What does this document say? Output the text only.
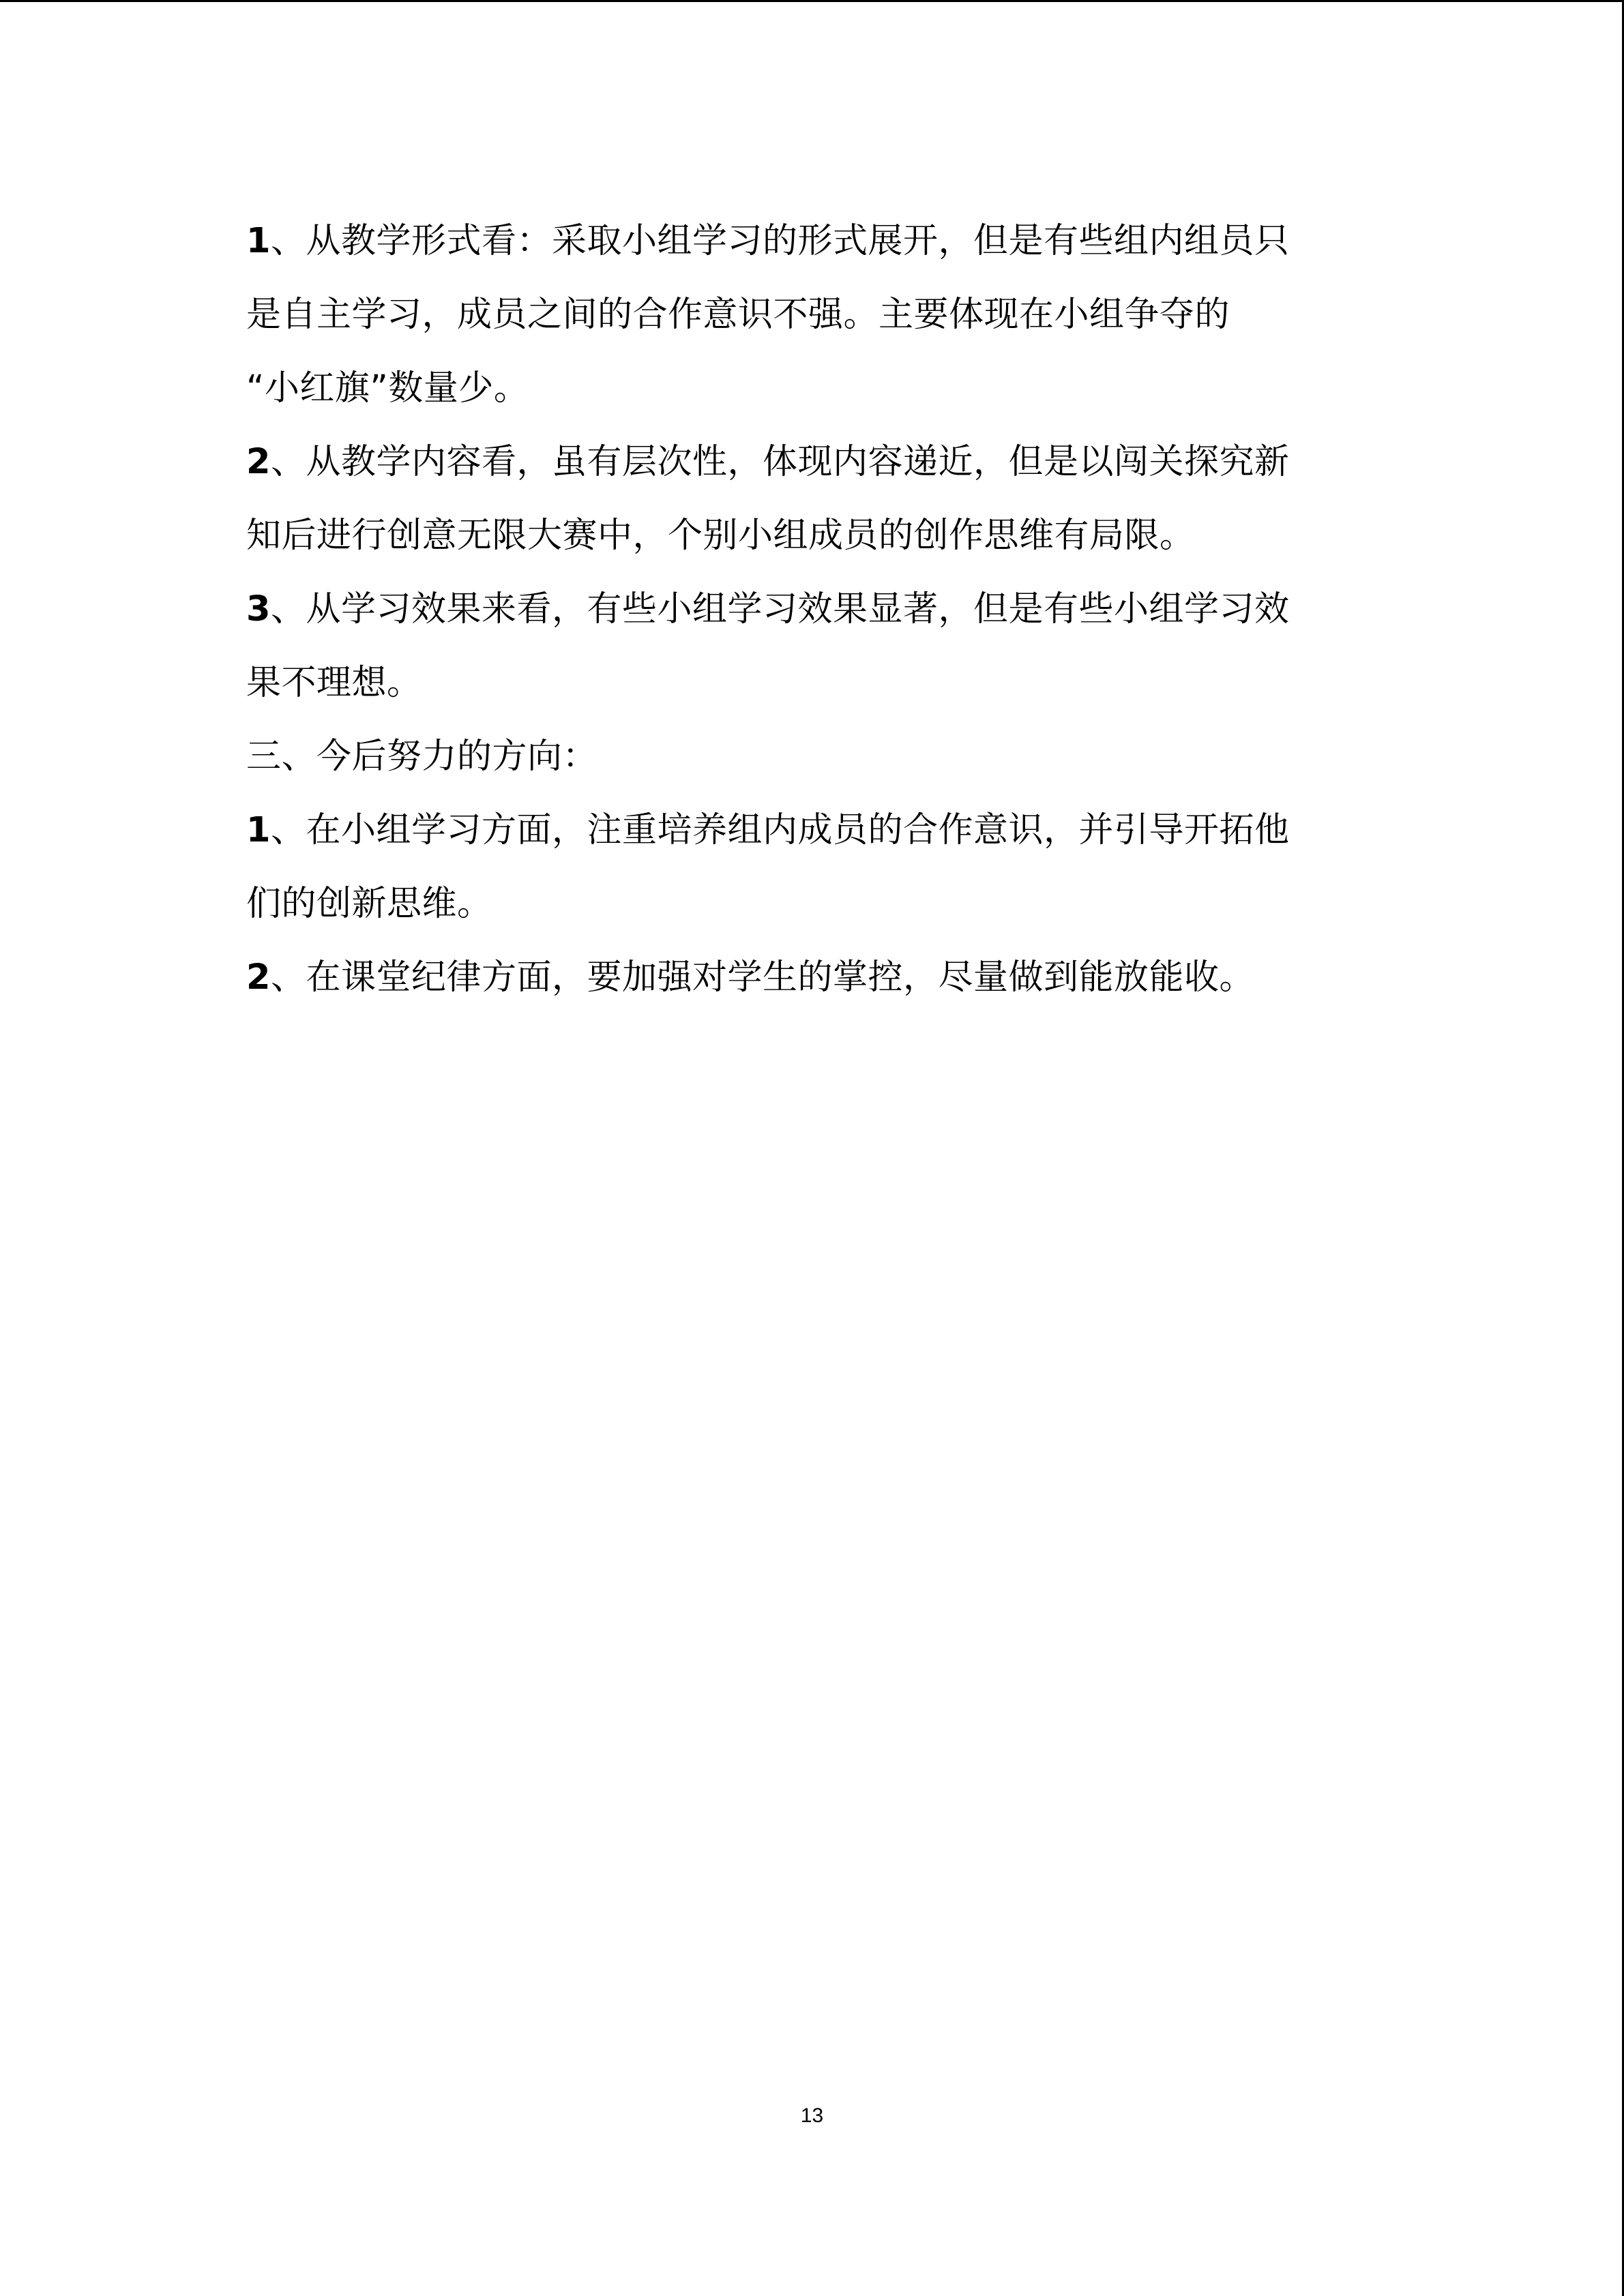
1、从教学形式看：采取小组学习的形式展开，但是有些组内组员只
是自主学习，成员之间的合作意识不强。主要体现在小组争夺的
“小红旗”数量少。
2、从教学内容看，虽有层次性，体现内容递近，但是以闯关探究新
知后进行创意无限大赛中，个别小组成员的创作思维有局限。
3、从学习效果来看，有些小组学习效果显著，但是有些小组学习效
果不理想。
三、今后努力的方向：
1、在小组学习方面，注重培养组内成员的合作意识，并引导开拓他
们的创新思维。
2、在课堂纪律方面，要加强对学生的掌控，尽量做到能放能收。
13
